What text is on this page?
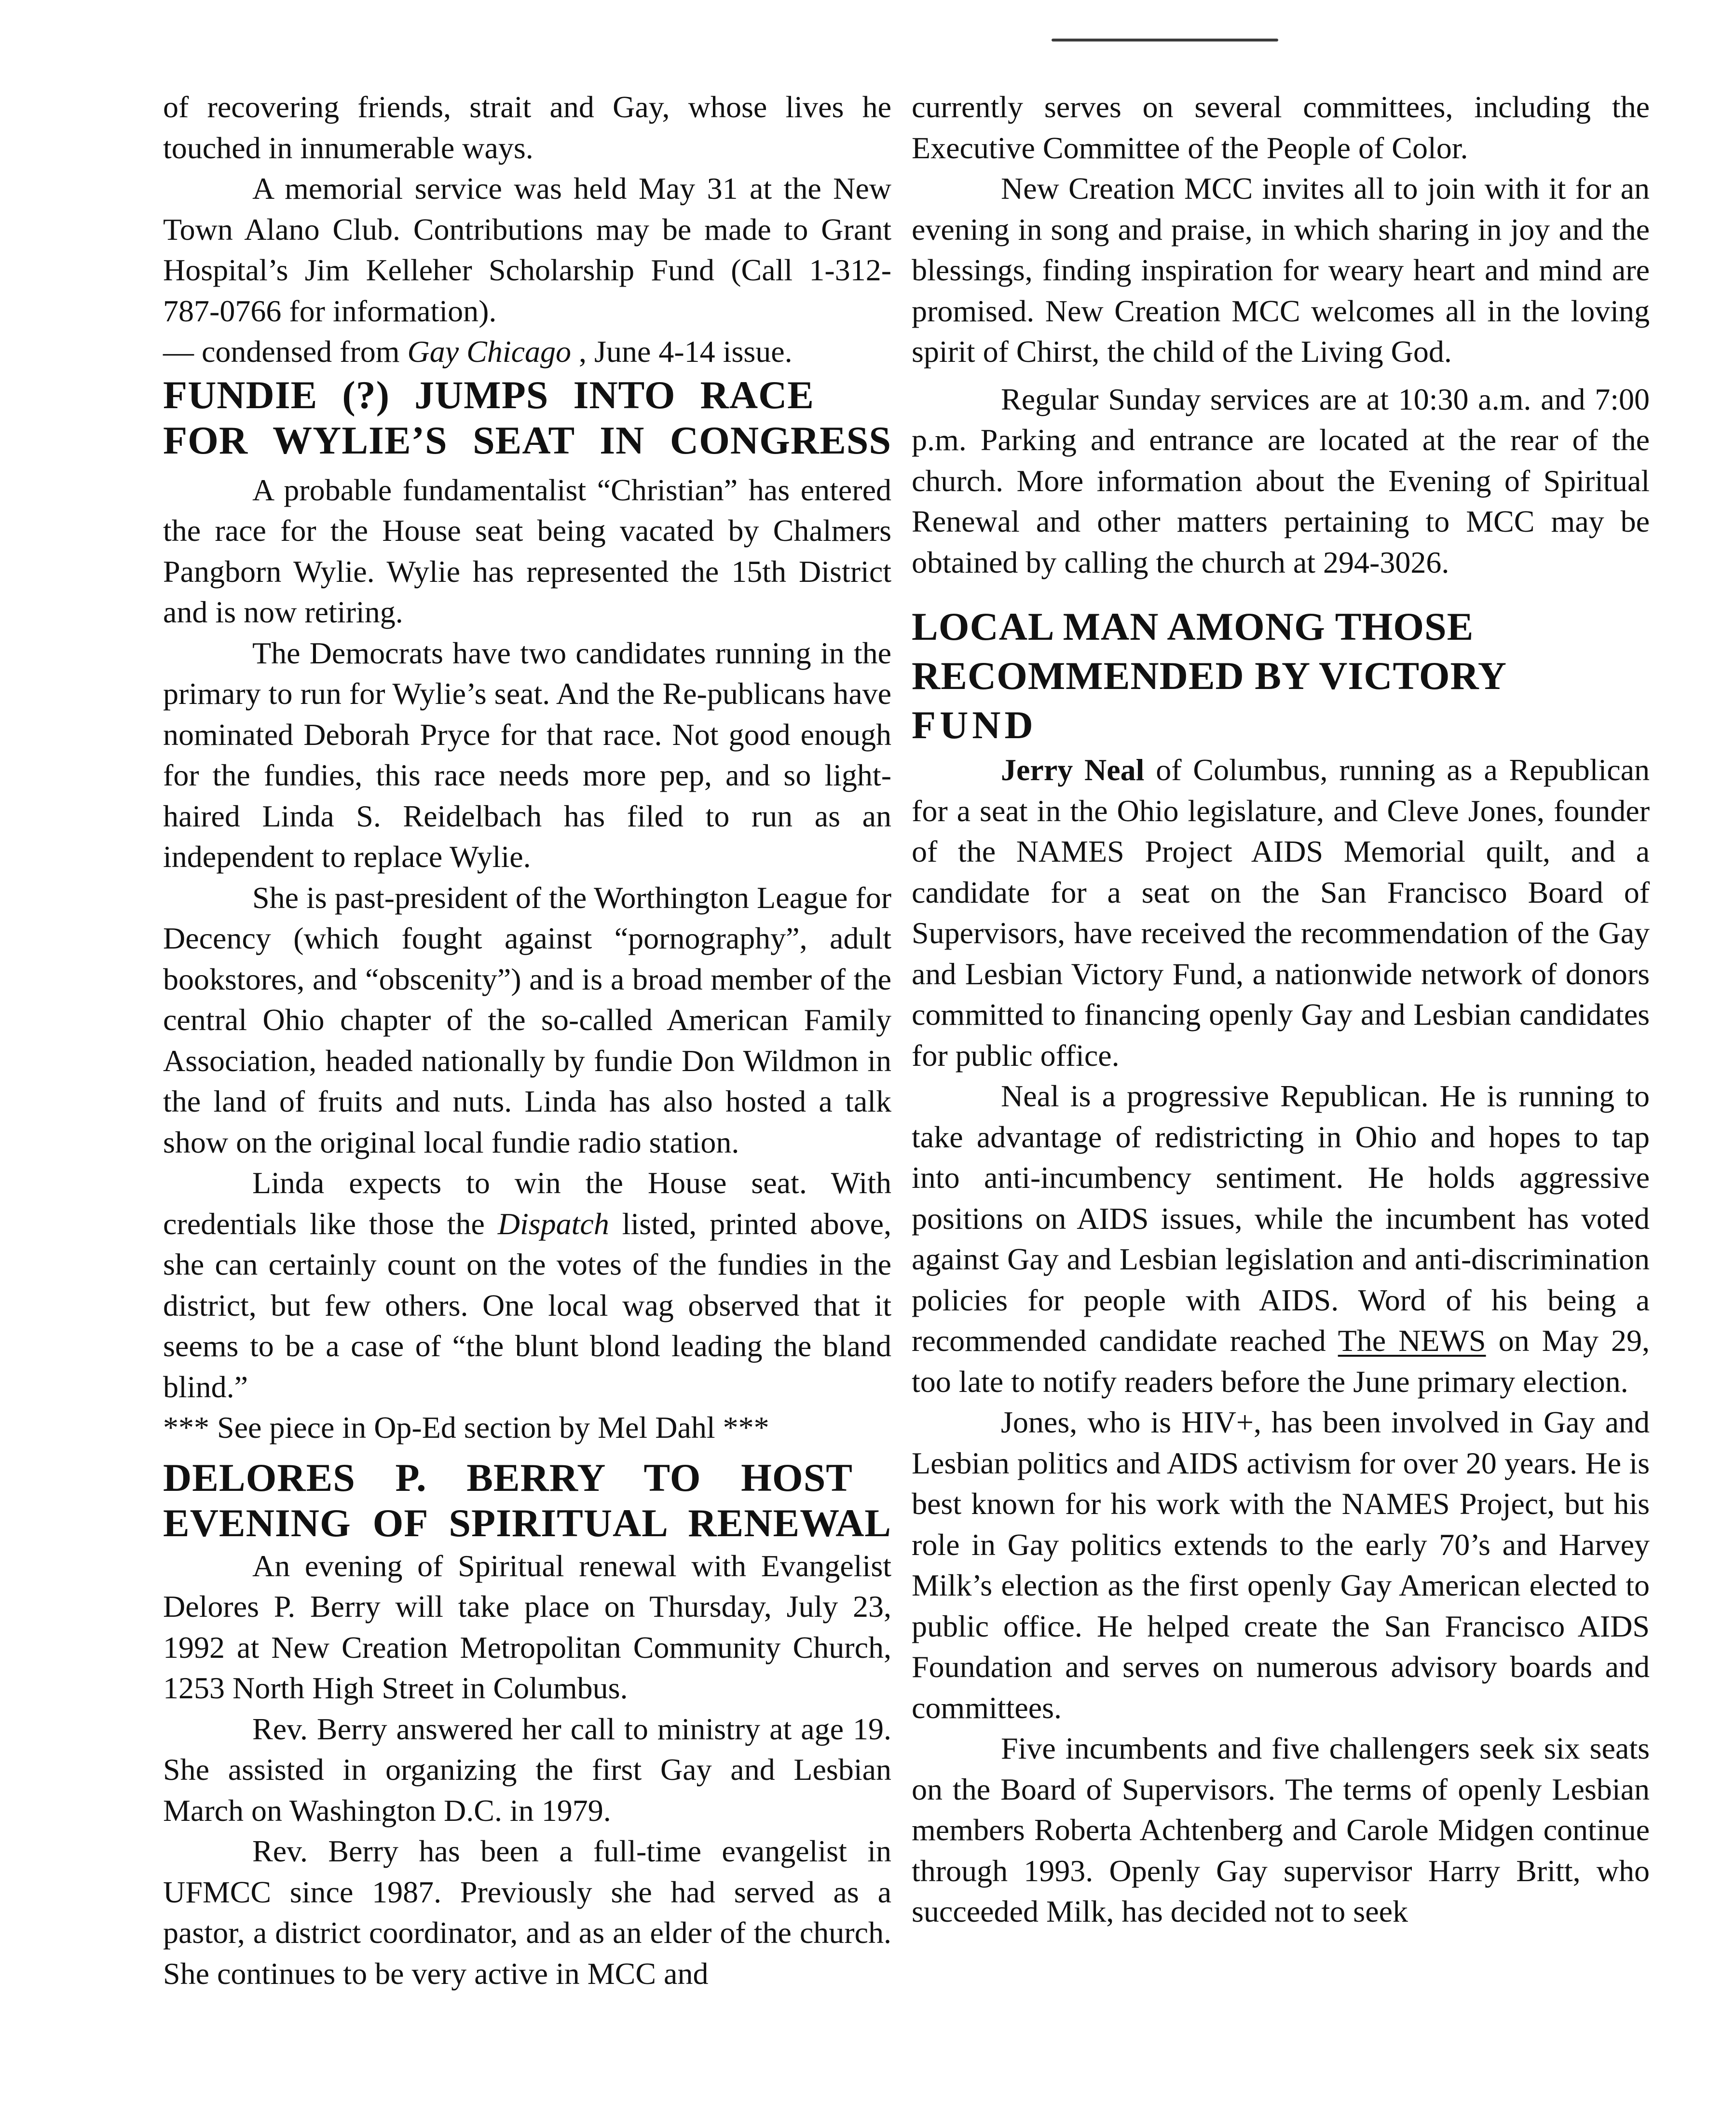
of recovering friends, strait and Gay, whose lives he touched in innumerable ways.

A memorial service was held May 31 at the New Town Alano Club. Contributions may be made to Grant Hospital’s Jim Kelleher Scholarship Fund (Call 1-312-787-0766 for information).

— condensed from Gay Chicago , June 4-14 issue.

FUNDIE (?) JUMPS INTO RACE
FOR WYLIE’S SEAT IN CONGRESS

A probable fundamentalist “Christian” has entered the race for the House seat being vacated by Chalmers Pangborn Wylie. Wylie has represented the 15th District and is now retiring.

The Democrats have two candidates running in the primary to run for Wylie’s seat. And the Re-publicans have nominated Deborah Pryce for that race. Not good enough for the fundies, this race needs more pep, and so light-haired Linda S. Reidelbach has filed to run as an independent to replace Wylie.

She is past-president of the Worthington League for Decency (which fought against “pornography”, adult bookstores, and “obscenity”) and is a broad member of the central Ohio chapter of the so-called American Family Association, headed nationally by fundie Don Wildmon in the land of fruits and nuts. Linda has also hosted a talk show on the original local fundie radio station.

Linda expects to win the House seat. With credentials like those the Dispatch listed, printed above, she can certainly count on the votes of the fundies in the district, but few others. One local wag observed that it seems to be a case of “the blunt blond leading the bland blind.”

*** See piece in Op-Ed section by Mel Dahl ***

DELORES P. BERRY TO HOST
EVENING OF SPIRITUAL RENEWAL

An evening of Spiritual renewal with Evangelist Delores P. Berry will take place on Thursday, July 23, 1992 at New Creation Metropolitan Community Church, 1253 North High Street in Columbus.

Rev. Berry answered her call to ministry at age 19. She assisted in organizing the first Gay and Lesbian March on Washington D.C. in 1979.

Rev. Berry has been a full-time evangelist in UFMCC since 1987. Previously she had served as a pastor, a district coordinator, and as an elder of the church. She continues to be very active in MCC and

currently serves on several committees, including the Executive Committee of the People of Color.

New Creation MCC invites all to join with it for an evening in song and praise, in which sharing in joy and the blessings, finding inspiration for weary heart and mind are promised. New Creation MCC welcomes all in the loving spirit of Chirst, the child of the Living God.

Regular Sunday services are at 10:30 a.m. and 7:00 p.m. Parking and entrance are located at the rear of the church. More information about the Evening of Spiritual Renewal and other matters pertaining to MCC may be obtained by calling the church at 294-3026.

LOCAL MAN AMONG THOSE
RECOMMENDED BY VICTORY
FUND

Jerry Neal of Columbus, running as a Republican for a seat in the Ohio legislature, and Cleve Jones, founder of the NAMES Project AIDS Memorial quilt, and a candidate for a seat on the San Francisco Board of Supervisors, have received the recommendation of the Gay and Lesbian Victory Fund, a nationwide network of donors committed to financing openly Gay and Lesbian candidates for public office.

Neal is a progressive Republican. He is running to take advantage of redistricting in Ohio and hopes to tap into anti-incumbency sentiment. He holds aggressive positions on AIDS issues, while the incumbent has voted against Gay and Lesbian legislation and anti-discrimination policies for people with AIDS. Word of his being a recommended candidate reached The NEWS on May 29, too late to notify readers before the June primary election.

Jones, who is HIV+, has been involved in Gay and Lesbian politics and AIDS activism for over 20 years. He is best known for his work with the NAMES Project, but his role in Gay politics extends to the early 70’s and Harvey Milk’s election as the first openly Gay American elected to public office. He helped create the San Francisco AIDS Foundation and serves on numerous advisory boards and committees.

Five incumbents and five challengers seek six seats on the Board of Supervisors. The terms of openly Lesbian members Roberta Achtenberg and Carole Midgen continue through 1993. Openly Gay supervisor Harry Britt, who succeeded Milk, has decided not to seek
